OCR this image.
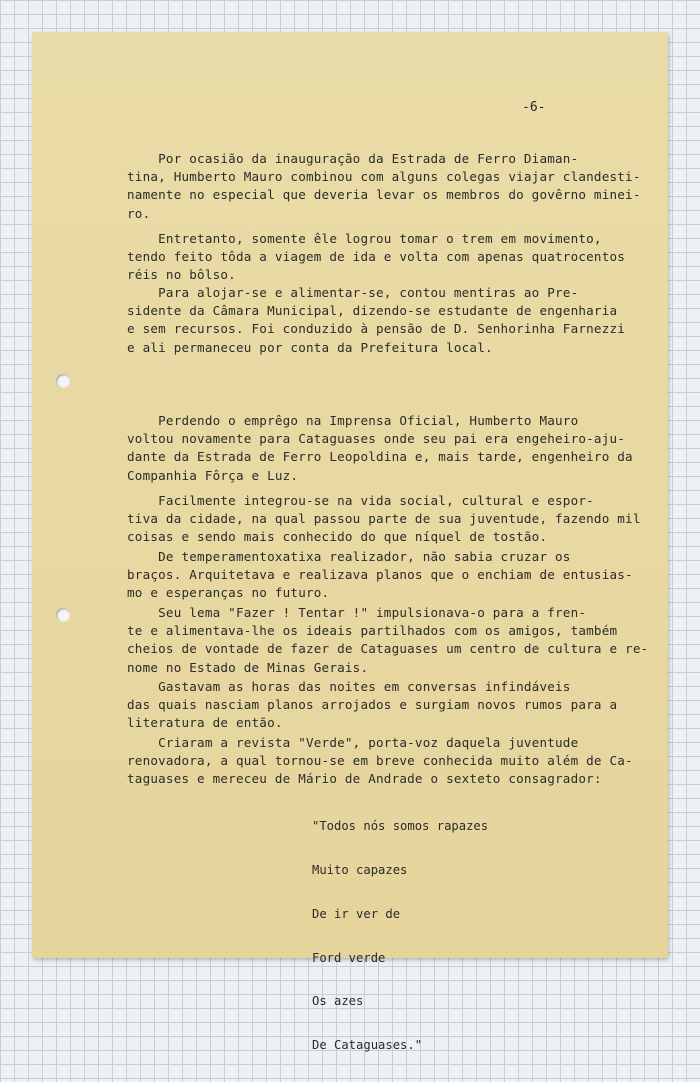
-6-

Por ocasião da inauguração da Estrada de Ferro Diaman-

tina, Humberto Mauro combinou com alguns colegas viajar clandesti-

namente no especial que deveria levar os membros do govêrno minei-

ro.

Entretanto, somente êle logrou tomar o trem em movimento,

tendo feito tôda a viagem de ida e volta com apenas quatrocentos

réis no bôlso.

Para alojar-se e alimentar-se, contou mentiras ao Pre-

sidente da Câmara Municipal, dizendo-se estudante de engenharia

e sem recursos. Foi conduzido à pensão de D. Senhorinha Farnezzi

e ali permaneceu por conta da Prefeitura local.

Perdendo o emprêgo na Imprensa Oficial, Humberto Mauro

voltou novamente para Cataguases onde seu pai era engeheiro-aju-

dante da Estrada de Ferro Leopoldina e, mais tarde, engenheiro da

Companhia Fôrça e Luz.

Facilmente integrou-se na vida social, cultural e espor-

tiva da cidade, na qual passou parte de sua juventude, fazendo mil

coisas e sendo mais conhecido do que níquel de tostão.

De temperamentoxatixa realizador, não sabia cruzar os

braços. Arquitetava e realizava planos que o enchiam de entusias-

mo e esperanças no futuro.

Seu lema "Fazer ! Tentar !" impulsionava-o para a fren-

te e alimentava-lhe os ideais partilhados com os amigos, também

cheios de vontade de fazer de Cataguases um centro de cultura e re-

nome no Estado de Minas Gerais.

Gastavam as horas das noites em conversas infindáveis

das quais nasciam planos arrojados e surgiam novos rumos para a

literatura de então.

Criaram a revista "Verde", porta-voz daquela juventude

renovadora, a qual tornou-se em breve conhecida muito além de Ca-

taguases e mereceu de Mário de Andrade o sexteto consagrador:

"Todos nós somos rapazes

Muito capazes

De ir ver de

Ford verde

Os azes

De Cataguases."
